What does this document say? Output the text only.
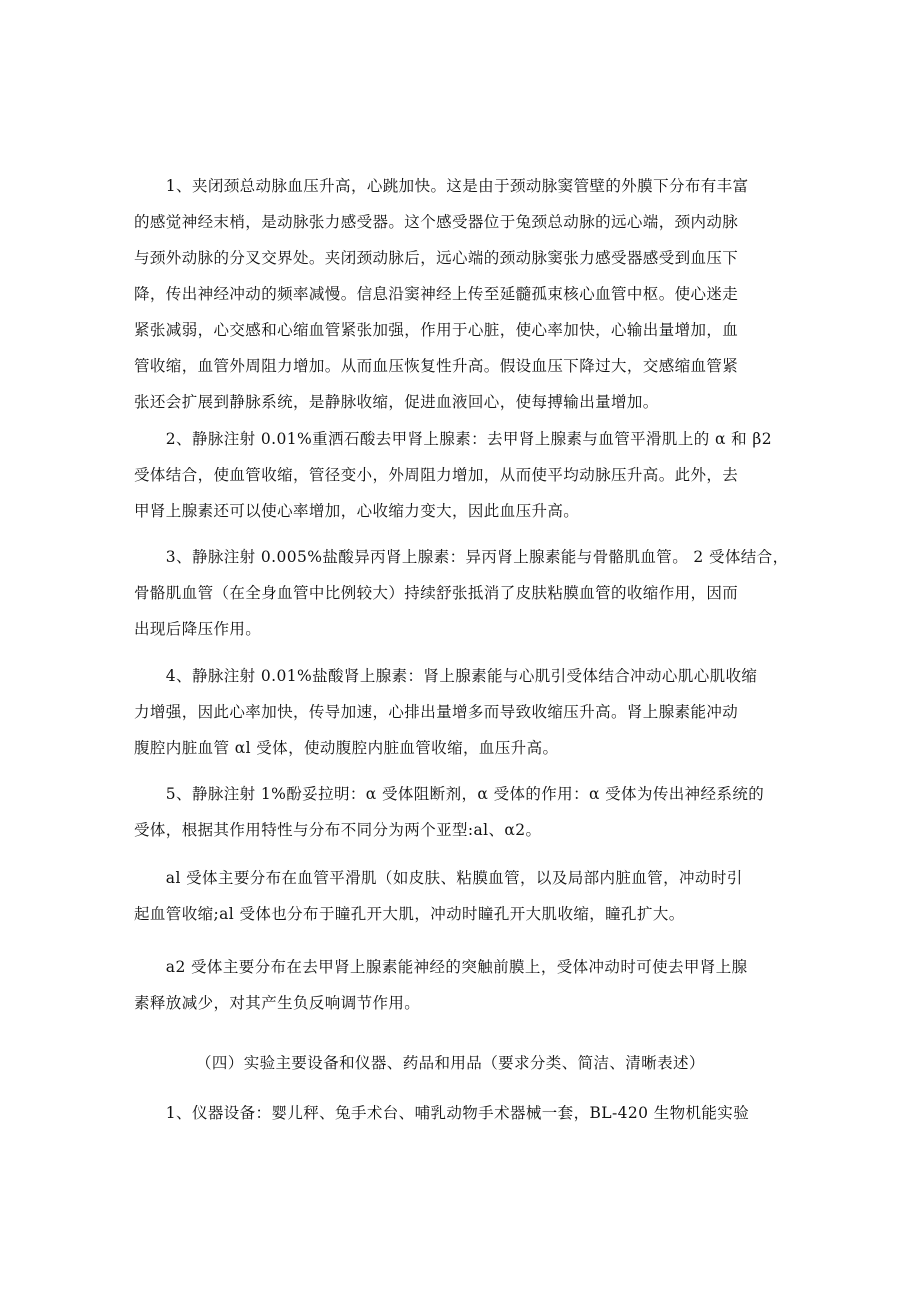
　　1、夹闭颈总动脉血压升高，心跳加快。这是由于颈动脉窦管壁的外膜下分布有丰富
的感觉神经末梢，是动脉张力感受器。这个感受器位于兔颈总动脉的远心端，颈内动脉
与颈外动脉的分叉交界处。夹闭颈动脉后，远心端的颈动脉窦张力感受器感受到血压下
降，传出神经冲动的频率减慢。信息沿窦神经上传至延髓孤束核心血管中枢。使心迷走
紧张减弱，心交感和心缩血管紧张加强，作用于心脏，使心率加快，心输出量增加，血
管收缩，血管外周阻力增加。从而血压恢复性升高。假设血压下降过大，交感缩血管紧
张还会扩展到静脉系统，是静脉收缩，促进血液回心，使每搏输出量增加。
　　2、静脉注射 0.01%重洒石酸去甲肾上腺素：去甲肾上腺素与血管平滑肌上的 α 和 β2
受体结合，使血管收缩，管径变小，外周阻力增加，从而使平均动脉压升高。此外，去
甲肾上腺素还可以使心率增加，心收缩力变大，因此血压升高。
　　3、静脉注射 0.005%盐酸异丙肾上腺素：异丙肾上腺素能与骨骼肌血管。 2 受体结合，
骨骼肌血管（在全身血管中比例较大）持续舒张抵消了皮肤粘膜血管的收缩作用，因而
出现后降压作用。
　　4、静脉注射 0.01%盐酸肾上腺素：肾上腺素能与心肌引受体结合冲动心肌心肌收缩
力增强，因此心率加快，传导加速，心排出量增多而导致收缩压升高。肾上腺素能冲动
腹腔内脏血管 αl 受体，使动腹腔内脏血管收缩，血压升高。
　　5、静脉注射 1%酚妥拉明：α 受体阻断剂，α 受体的作用：α 受体为传出神经系统的
受体，根据其作用特性与分布不同分为两个亚型:al、α2。
　　al 受体主要分布在血管平滑肌（如皮肤、粘膜血管，以及局部内脏血管，冲动时引
起血管收缩;al 受体也分布于瞳孔开大肌，冲动时瞳孔开大肌收缩，瞳孔扩大。
　　a2 受体主要分布在去甲肾上腺素能神经的突触前膜上，受体冲动时可使去甲肾上腺
素释放减少，对其产生负反响调节作用。
（四）实验主要设备和仪器、药品和用品（要求分类、简洁、清晰表述）
　　1、仪器设备：婴儿秤、兔手术台、哺乳动物手术器械一套，BL-420 生物机能实验
